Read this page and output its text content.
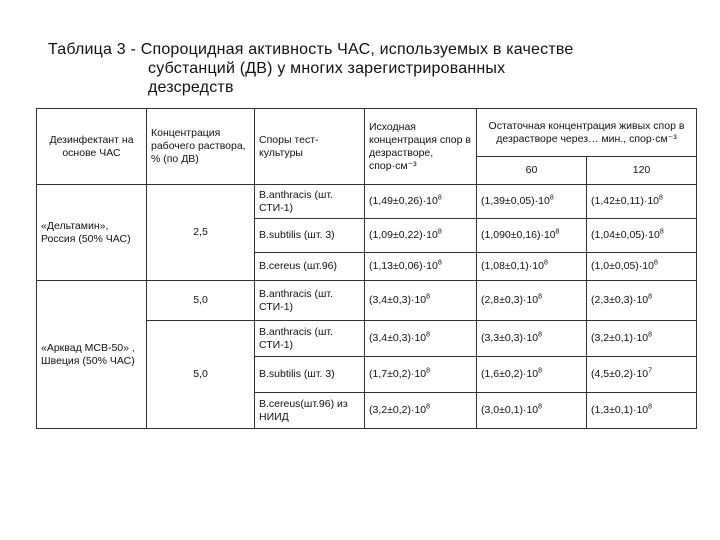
Таблица 3 - Спороцидная активность ЧАС, используемых в качестве
субстанций (ДВ) у многих зарегистрированных
дезсредств
Дезинфектант на основе ЧАС	Концентрация рабочего раствора, % (по ДВ)	Споры тест-культуры	Исходная концентрация спор в дезрастворе, спор·см⁻³	Остаточная концентрация живых спор в дезрастворе через… мин., спор·см⁻³	
				60	120
«Дельтамин», Россия (50% ЧАС)	2,5	B.anthracis (шт. СТИ-1)	$(1,49\pm 0,26)\cdot 10^8$	$(1,39\pm 0,05)\cdot 10^8$	$(1,42\pm 0,11)\cdot 10^8$
		B.subtilis (шт. 3)	$(1,09\pm 0,22)\cdot 10^8$	$(1,090\pm 0,16)\cdot 10^8$	$(1,04\pm 0,05)\cdot 10^8$
		B.cereus (шт.96)	$(1,13\pm 0,06)\cdot 10^8$	$(1,08\pm 0,1)\cdot 10^8$	$(1,0\pm 0,05)\cdot 10^8$
«Арквад МСВ-50» , Швеция (50% ЧАС)	5,0	B.anthracis (шт. СТИ-1)	$(3,4\pm 0,3)\cdot 10^8$	$(2,8\pm 0,3)\cdot 10^8$	$(2,3\pm 0,3)\cdot 10^8$
	5,0	B.anthracis (шт. СТИ-1)	$(3,4\pm 0,3)\cdot 10^8$	$(3,3\pm 0,3)\cdot 10^8$	$(3,2\pm 0,1)\cdot 10^8$
		B.subtilis (шт. 3)	$(1,7\pm 0,2)\cdot 10^8$	$(1,6\pm 0,2)\cdot 10^8$	$(4,5\pm 0,2)\cdot 10^7$
		B.cereus(шт.96) из НИИД	$(3,2\pm 0,2)\cdot 10^8$	$(3,0\pm 0,1)\cdot 10^8$	$(1,3\pm 0,1)\cdot 10^8$
